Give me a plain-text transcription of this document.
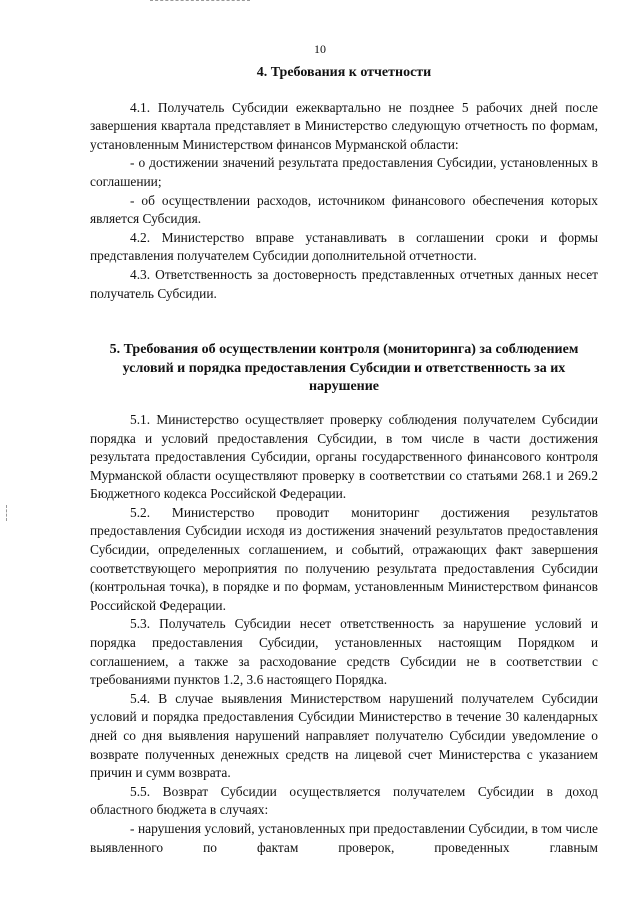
10
4. Требования к отчетности

4.1. Получатель Субсидии ежеквартально не позднее 5 рабочих дней после завершения квартала представляет в Министерство следующую отчетность по формам, установленным Министерством финансов Мурманской области:

- о достижении значений результата предоставления Субсидии, установленных в соглашении;

- об осуществлении расходов, источником финансового обеспечения которых является Субсидия.

4.2. Министерство вправе устанавливать в соглашении сроки и формы представления получателем Субсидии дополнительной отчетности.

4.3. Ответственность за достоверность представленных отчетных данных несет получатель Субсидии.

5. Требования об осуществлении контроля (мониторинга) за соблюдением условий и порядка предоставления Субсидии и ответственность за их нарушение

5.1. Министерство осуществляет проверку соблюдения получателем Субсидии порядка и условий предоставления Субсидии, в том числе в части достижения результата предоставления Субсидии, органы государственного финансового контроля Мурманской области осуществляют проверку в соответствии со статьями 268.1 и 269.2 Бюджетного кодекса Российской Федерации.

5.2. Министерство проводит мониторинг достижения результатов предоставления Субсидии исходя из достижения значений результатов предоставления Субсидии, определенных соглашением, и событий, отражающих факт завершения соответствующего мероприятия по получению результата предоставления Субсидии (контрольная точка), в порядке и по формам, установленным Министерством финансов Российской Федерации.

5.3. Получатель Субсидии несет ответственность за нарушение условий и порядка предоставления Субсидии, установленных настоящим Порядком и соглашением, а также за расходование средств Субсидии не в соответствии с требованиями пунктов 1.2, 3.6 настоящего Порядка.

5.4. В случае выявления Министерством нарушений получателем Субсидии условий и порядка предоставления Субсидии Министерство в течение 30 календарных дней со дня выявления нарушений направляет получателю Субсидии уведомление о возврате полученных денежных средств на лицевой счет Министерства с указанием причин и сумм возврата.

5.5. Возврат Субсидии осуществляется получателем Субсидии в доход областного бюджета в случаях:

- нарушения условий, установленных при предоставлении Субсидии, в том числе выявленного по фактам проверок, проведенных главным
